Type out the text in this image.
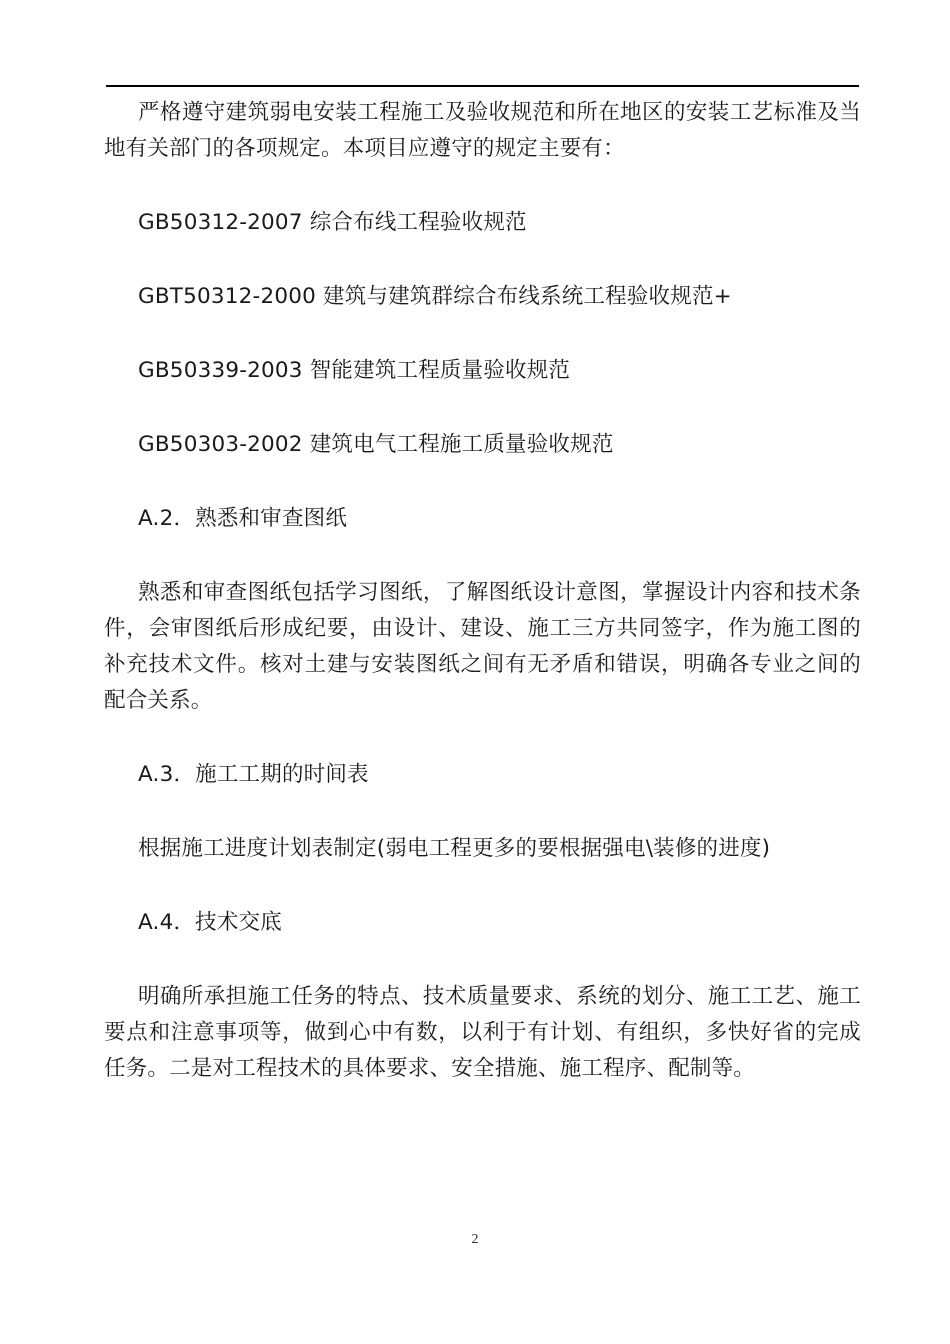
严格遵守建筑弱电安装工程施工及验收规范和所在地区的安装工艺标准及当地有关部门的各项规定。本项目应遵守的规定主要有：

GB50312-2007 综合布线工程验收规范

GBT50312-2000 建筑与建筑群综合布线系统工程验收规范+

GB50339-2003 智能建筑工程质量验收规范

GB50303-2002 建筑电气工程施工质量验收规范

A.2．熟悉和审查图纸

熟悉和审查图纸包括学习图纸，了解图纸设计意图，掌握设计内容和技术条件，会审图纸后形成纪要，由设计、建设、施工三方共同签字，作为施工图的补充技术文件。核对土建与安装图纸之间有无矛盾和错误，明确各专业之间的配合关系。

A.3．施工工期的时间表

根据施工进度计划表制定(弱电工程更多的要根据强电\装修的进度)

A.4．技术交底

明确所承担施工任务的特点、技术质量要求、系统的划分、施工工艺、施工要点和注意事项等，做到心中有数，以利于有计划、有组织，多快好省的完成任务。二是对工程技术的具体要求、安全措施、施工程序、配制等。

2
